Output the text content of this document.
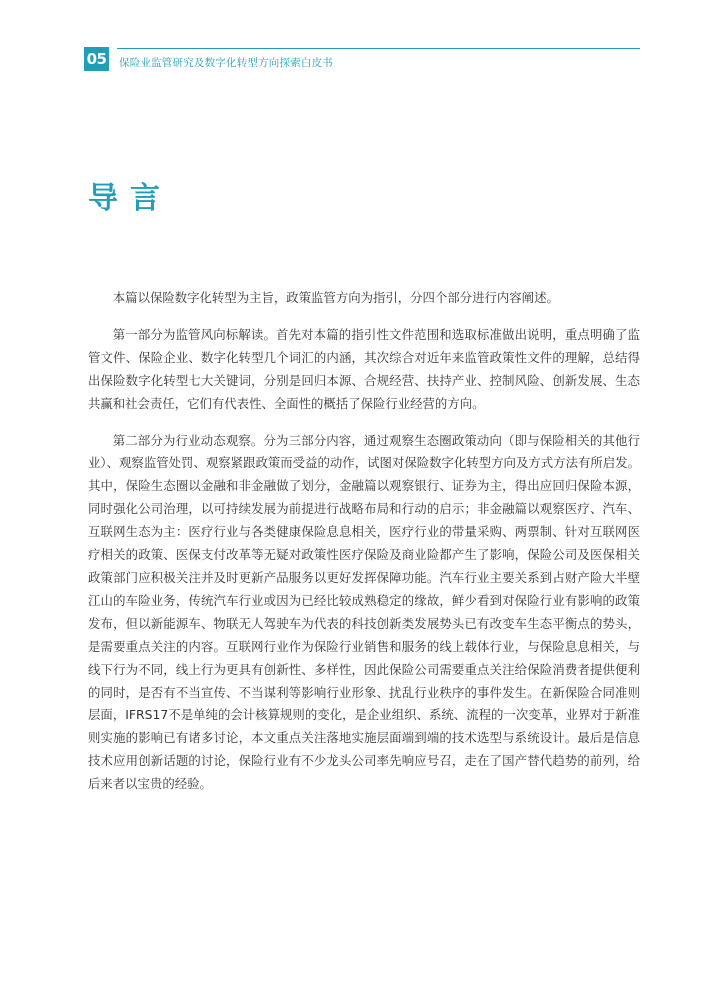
05 保险业监管研究及数字化转型方向探索白皮书
导言

本篇以保险数字化转型为主旨，政策监管方向为指引，分四个部分进行内容阐述。

第一部分为监管风向标解读。首先对本篇的指引性文件范围和选取标准做出说明，重点明确了监管文件、保险企业、数字化转型几个词汇的内涵，其次综合对近年来监管政策性文件的理解，总结得出保险数字化转型七大关键词，分别是回归本源、合规经营、扶持产业、控制风险、创新发展、生态共赢和社会责任，它们有代表性、全面性的概括了保险行业经营的方向。

第二部分为行业动态观察。分为三部分内容，通过观察生态圈政策动向（即与保险相关的其他行业）、观察监管处罚、观察紧跟政策而受益的动作，试图对保险数字化转型方向及方式方法有所启发。其中，保险生态圈以金融和非金融做了划分，金融篇以观察银行、证券为主，得出应回归保险本源，同时强化公司治理，以可持续发展为前提进行战略布局和行动的启示；非金融篇以观察医疗、汽车、互联网生态为主：医疗行业与各类健康保险息息相关，医疗行业的带量采购、两票制、针对互联网医疗相关的政策、医保支付改革等无疑对政策性医疗保险及商业险都产生了影响，保险公司及医保相关政策部门应积极关注并及时更新产品服务以更好发挥保障功能。汽车行业主要关系到占财产险大半壁江山的车险业务，传统汽车行业或因为已经比较成熟稳定的缘故，鲜少看到对保险行业有影响的政策发布，但以新能源车、物联无人驾驶车为代表的科技创新类发展势头已有改变车生态平衡点的势头，是需要重点关注的内容。互联网行业作为保险行业销售和服务的线上载体行业，与保险息息相关，与线下行为不同，线上行为更具有创新性、多样性，因此保险公司需要重点关注给保险消费者提供便利的同时，是否有不当宣传、不当谋利等影响行业形象、扰乱行业秩序的事件发生。在新保险合同准则层面，IFRS17不是单纯的会计核算规则的变化，是企业组织、系统、流程的一次变革，业界对于新准则实施的影响已有诸多讨论，本文重点关注落地实施层面端到端的技术选型与系统设计。最后是信息技术应用创新话题的讨论，保险行业有不少龙头公司率先响应号召，走在了国产替代趋势的前列，给后来者以宝贵的经验。
